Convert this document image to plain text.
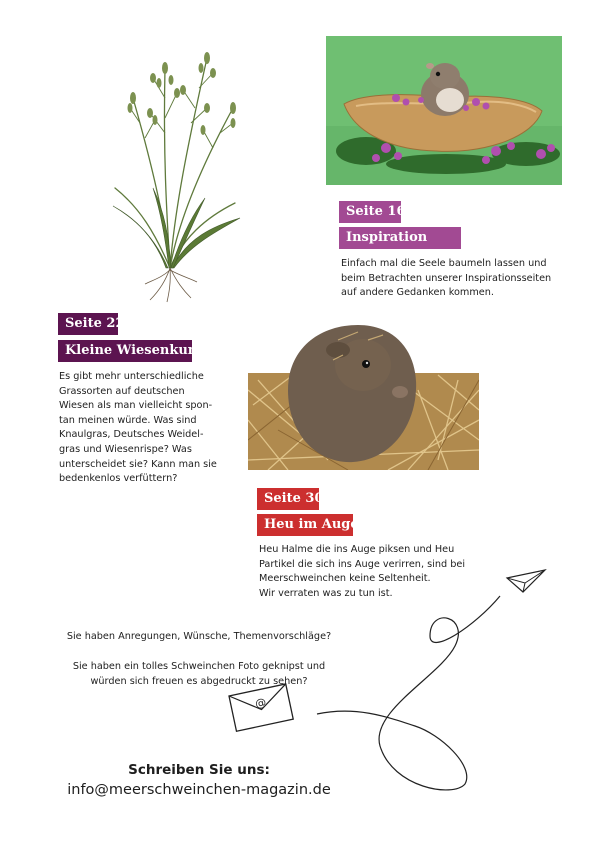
Seite 16
Inspiration
Einfach mal die Seele baumeln lassen und
beim Betrachten unserer Inspirationsseiten
auf andere Gedanken kommen.
Seite 22
Kleine Wiesenkunde
Es gibt mehr unterschiedliche
Grassorten auf deutschen
Wiesen als man vielleicht spon-
tan meinen würde. Was sind
Knaulgras, Deutsches Weidel-
gras und Wiesenrispe? Was
unterscheidet sie? Kann man sie
bedenkenlos verfüttern?
Seite 30
Heu im Auge
Heu Halme die ins Auge piksen und Heu
Partikel die sich ins Auge verirren, sind bei
Meerschweinchen keine Seltenheit.
Wir verraten was zu tun ist.
Sie haben Anregungen, Wünsche, Themenvorschläge?
Sie haben ein tolles Schweinchen Foto geknipst und
würden sich freuen es abgedruckt zu sehen?
@
Schreiben Sie uns:
info@meerschweinchen-magazin.de
